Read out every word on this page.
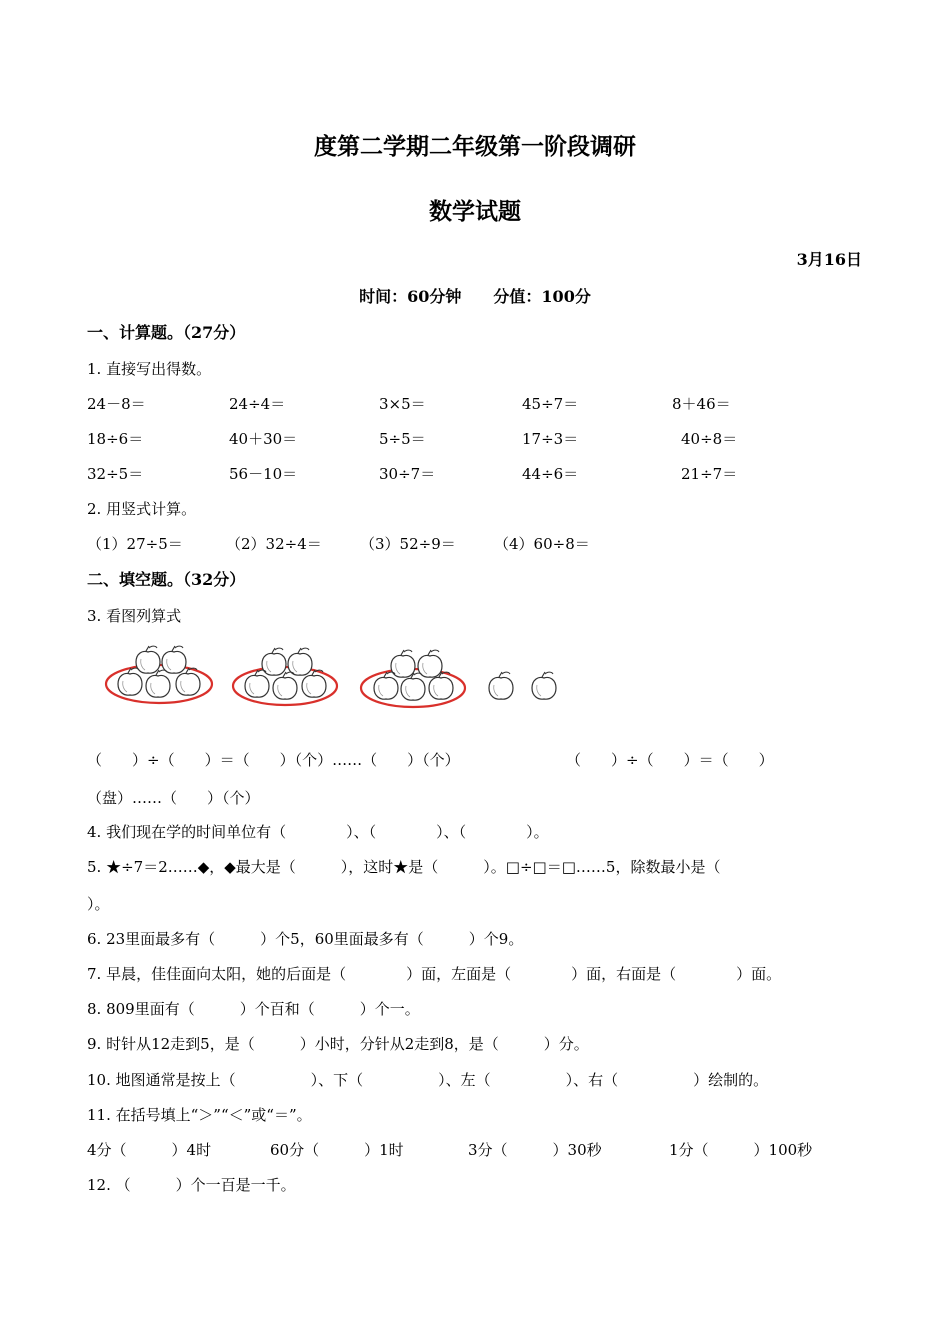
度第二学期二年级第一阶段调研
数学试题
3月16日
时间：60分钟　　分值：100分
一、计算题。（27分）
1. 直接写出得数。
24－8＝	24÷4＝	3×5＝	45÷7＝	8＋46＝
18÷6＝	40＋30＝	5÷5＝	17÷3＝	40÷8＝
32÷5＝	56－10＝	30÷7＝	44÷6＝	21÷7＝
2. 用竖式计算。
（1）27÷5＝	（2）32÷4＝	（3）52÷9＝	（4）60÷8＝
二、填空题。（32分）
3. 看图列算式
（　　）÷（　　）＝（　　）（个）……（　　）（个）	（　　）÷（　　）＝（　　）
（盘）……（　　）（个）
4. 我们现在学的时间单位有（　　　　）、（　　　　）、（　　　　）。
5. ★÷7＝2……◆，◆最大是（　　　），这时★是（　　　）。□÷□＝□……5，除数最小是（
）。
6. 23里面最多有（　　　）个5，60里面最多有（　　　）个9。
7. 早晨，佳佳面向太阳，她的后面是（　　　　）面，左面是（　　　　）面，右面是（　　　　）面。
8. 809里面有（　　　）个百和（　　　）个一。
9. 时针从12走到5，是（　　　）小时，分针从2走到8，是（　　　）分。
10. 地图通常是按上（　　　　　）、下（　　　　　）、左（　　　　　）、右（　　　　　）绘制的。
11. 在括号填上“＞”“＜”或“＝”。
4分（　　　）4时	60分（　　　）1时	3分（　　　）30秒	1分（　　　）100秒
12. （　　　）个一百是一千。
